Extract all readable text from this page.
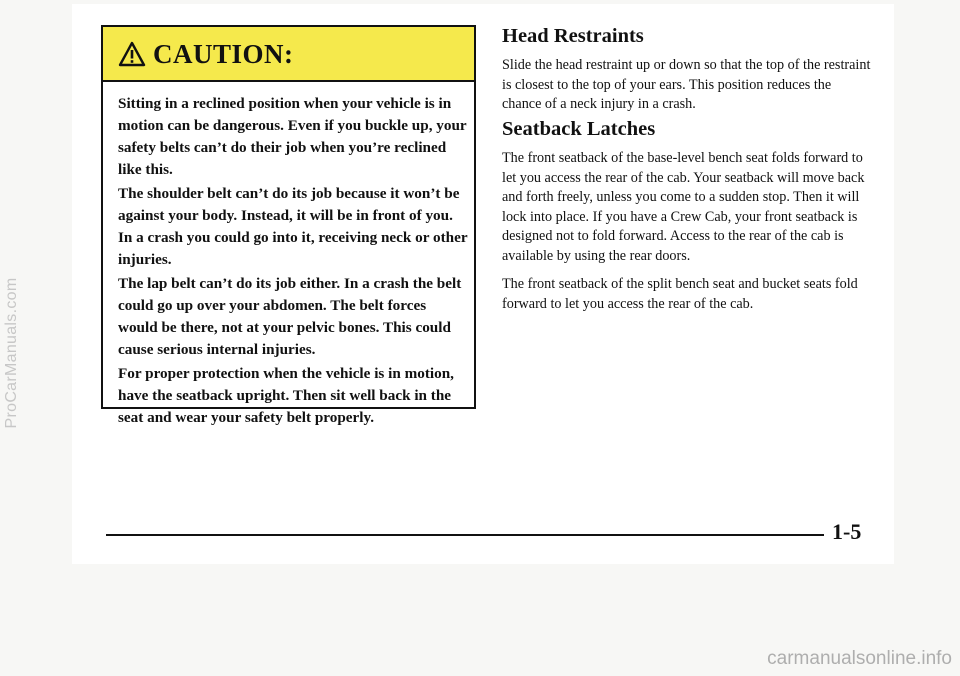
CAUTION:

Sitting in a reclined position when your vehicle is in motion can be dangerous. Even if you buckle up, your safety belts can’t do their job when you’re reclined like this.

The shoulder belt can’t do its job because it won’t be against your body. Instead, it will be in front of you. In a crash you could go into it, receiving neck or other injuries.

The lap belt can’t do its job either. In a crash the belt could go up over your abdomen. The belt forces would be there, not at your pelvic bones. This could cause serious internal injuries.

For proper protection when the vehicle is in motion, have the seatback upright. Then sit well back in the seat and wear your safety belt properly.

Head Restraints

Slide the head restraint up or down so that the top of the restraint is closest to the top of your ears. This position reduces the chance of a neck injury in a crash.

Seatback Latches

The front seatback of the base-level bench seat folds forward to let you access the rear of the cab. Your seatback will move back and forth freely, unless you come to a sudden stop. Then it will lock into place. If you have a Crew Cab, your front seatback is designed not to fold forward. Access to the rear of the cab is available by using the rear doors.

The front seatback of the split bench seat and bucket seats fold forward to let you access the rear of the cab.

1-5
ProCarManuals.com
carmanualsonline.info
